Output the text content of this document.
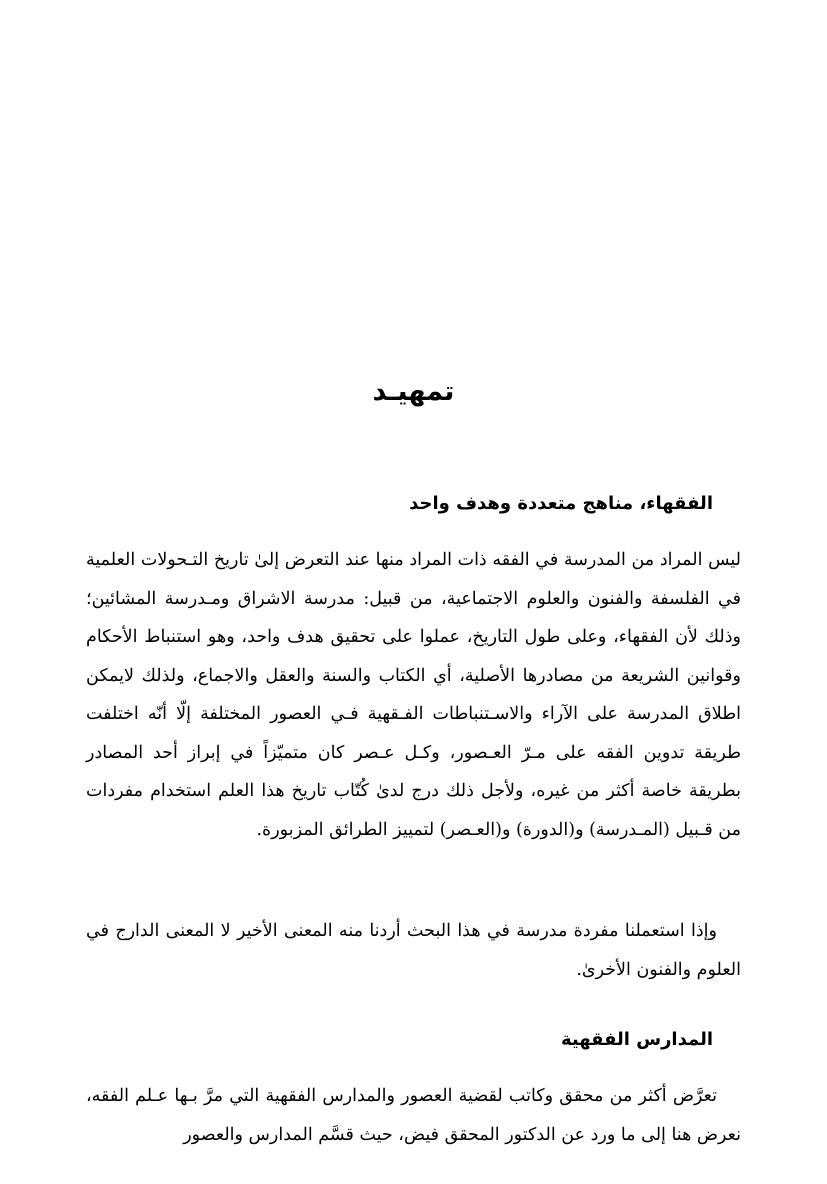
تمهيـد
الفقهاء، مناهج متعددة وهدف واحد

ليس المراد من المدرسة في الفقه ذات المراد منها عند التعرض إلىٰ تاريخ التـحولات العلمية في الفلسفة والفنون والعلوم الاجتماعية، من قبيل: مدرسة الاشراق ومـدرسة المشائين؛ وذلك لأن الفقهاء، وعلى طول التاريخ، عملوا على تحقيق هدف واحد، وهو استنباط الأحكام وقوانين الشريعة من مصادرها الأصلية، أي الكتاب والسنة والعقل والاجماع، ولذلك لايمكن اطلاق المدرسة على الآراء والاسـتنباطات الفـقهية فـي العصور المختلفة إلّا أنّه اختلفت طريقة تدوين الفقه على مـرّ العـصور، وكـل عـصر كان متميّزاً في إبراز أحد المصادر بطريقة خاصة أكثر من غيره، ولأجل ذلك درج لدىٰ كُتّاب تاريخ هذا العلم استخدام مفردات من قـبيل (المـدرسة) و(الدورة) و(العـصر) لتمييز الطرائق المزبورة.

وإذا استعملنا مفردة مدرسة في هذا البحث أردنا منه المعنى الأخير لا المعنى الدارج في العلوم والفنون الأخرىٰ.

المدارس الفقهية

تعرَّض أكثر من محقق وكاتب لقضية العصور والمدارس الفقهية التي مرَّ بـها عـلم الفقه، نعرض هنا إلى ما ورد عن الدكتور المحقق فيض، حيث قسَّم المدارس والعصور
